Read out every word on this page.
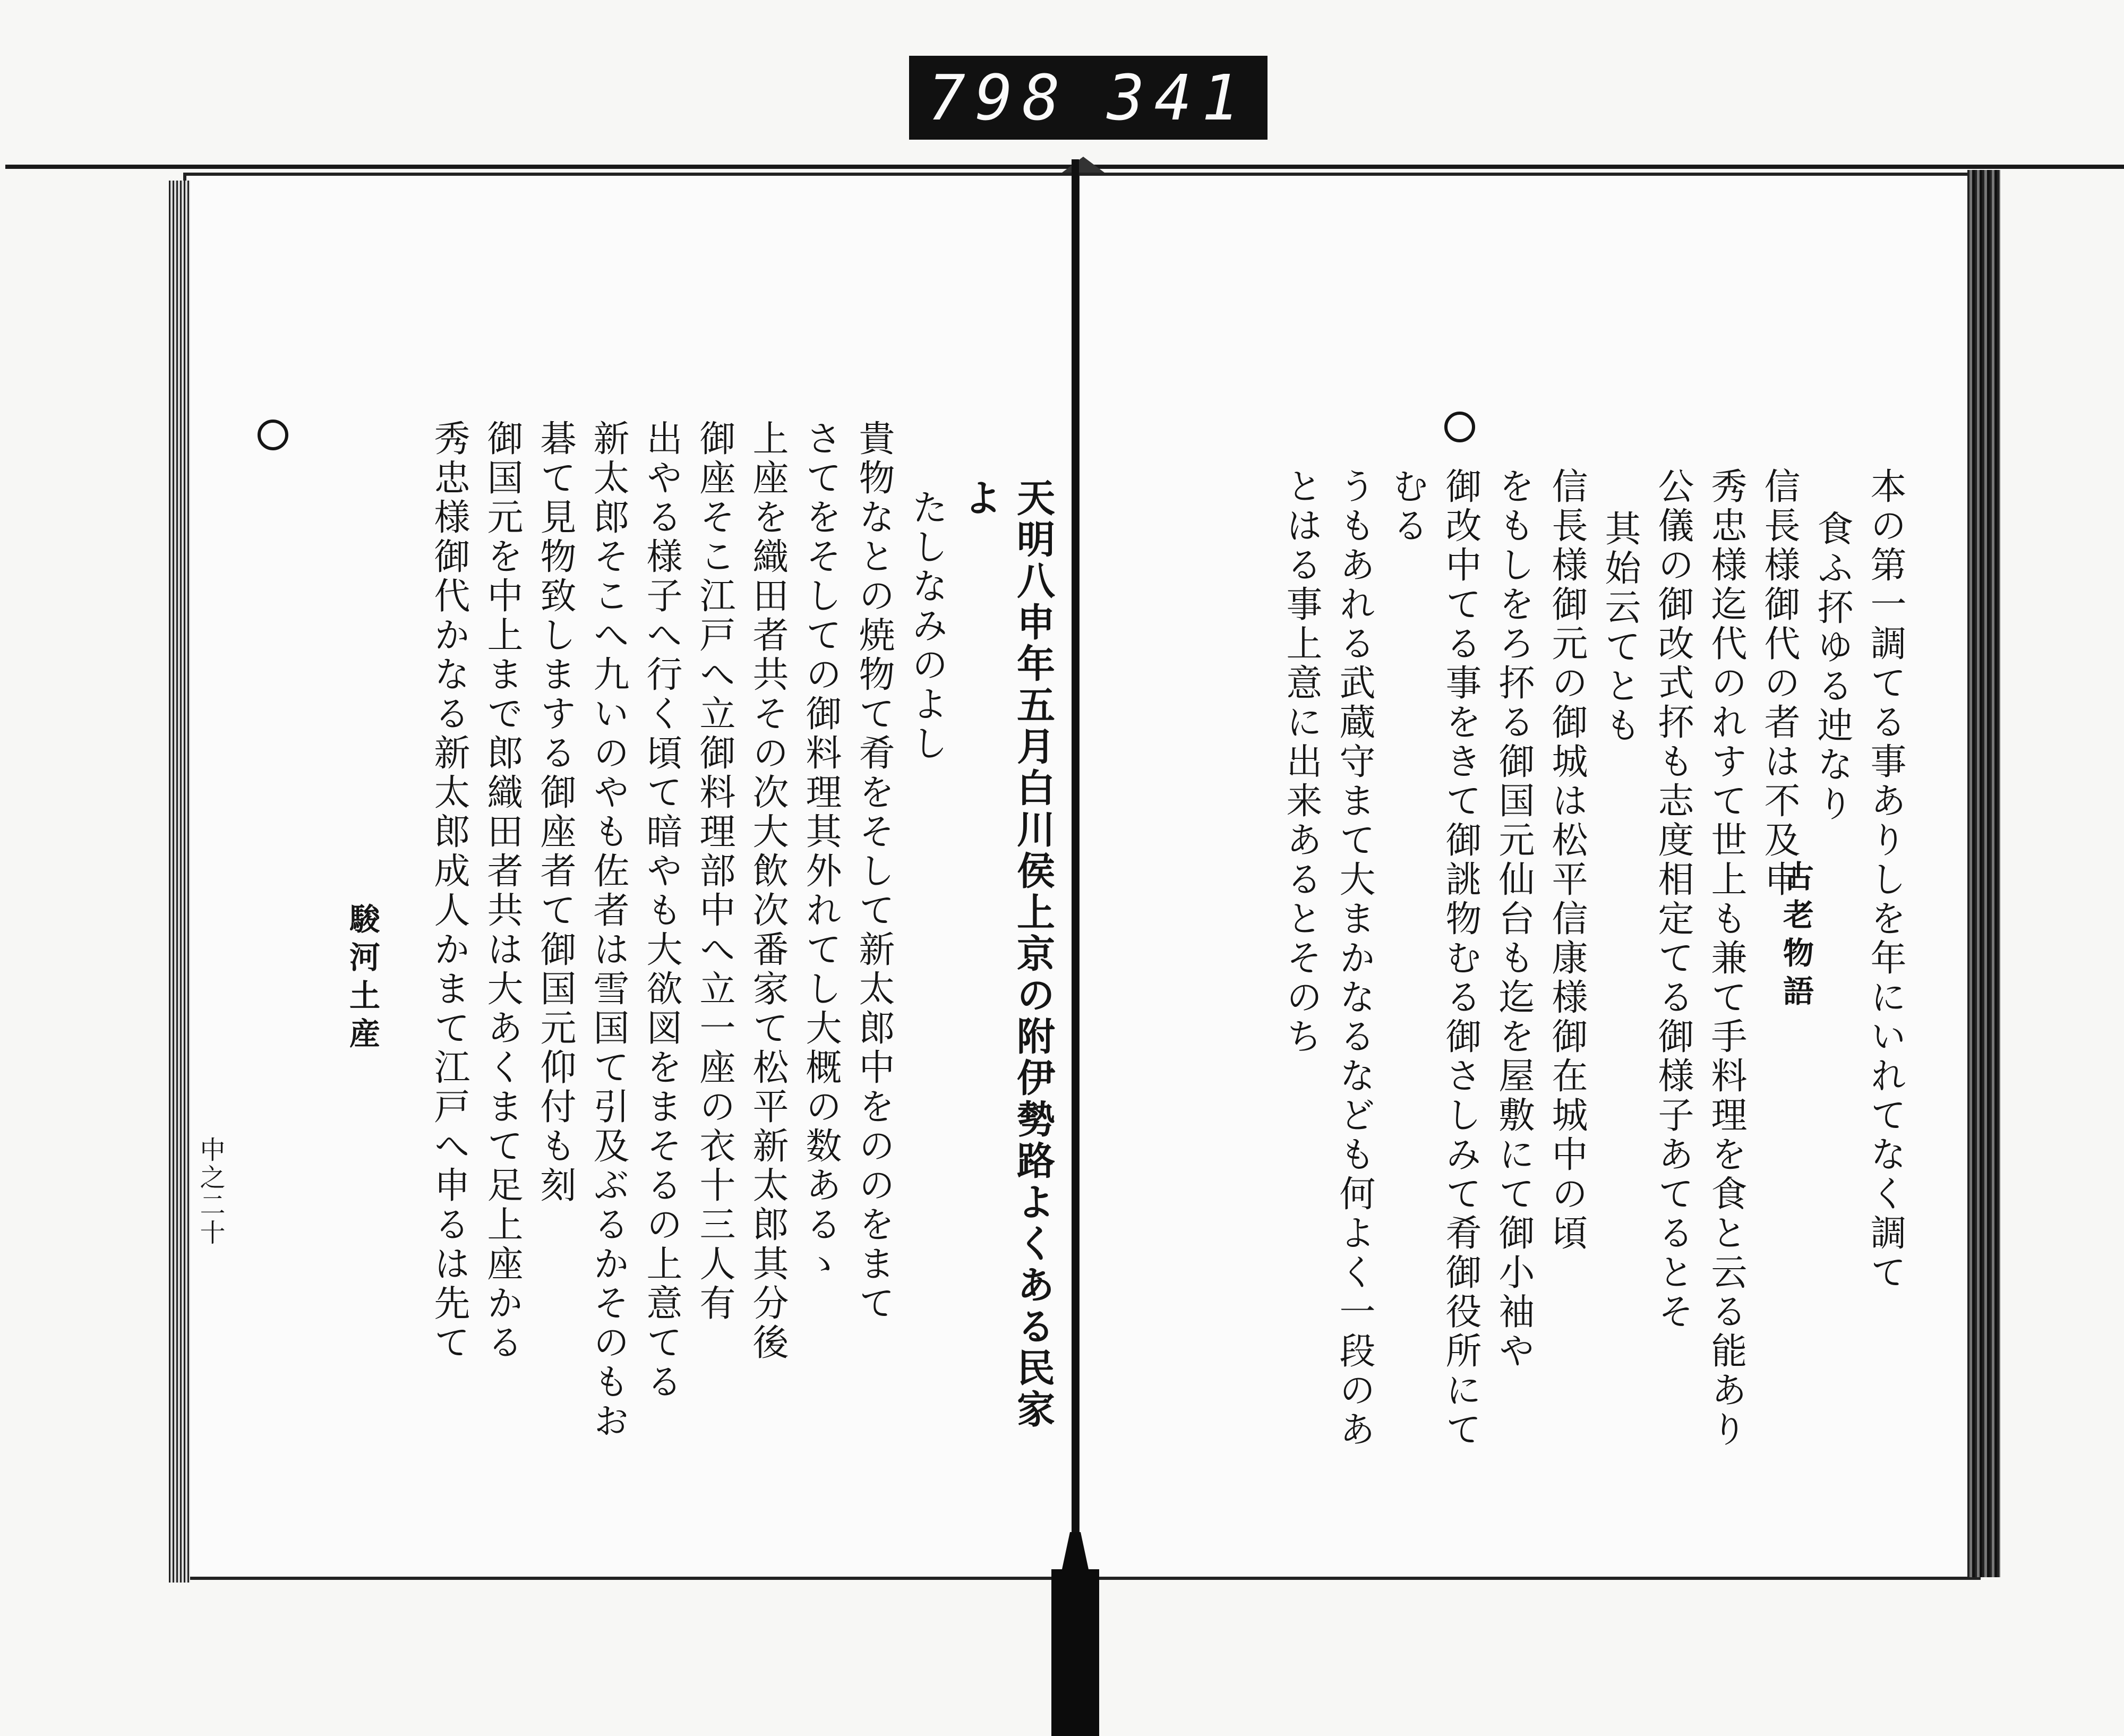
798 341
古老物語 本の第一調てる事ありしを年にいれてなく調て
食ふ抔ゆる迚なり
信長様御代の者は不及申
秀忠様迄代のれすて世上も兼て手料理を食と云る能あり
公儀の御改式抔も志度相定てる御様子あてるとそ
其始云てとも
信長様御元の御城は松平信康様御在城中の頃
をもしをろ抔る御国元仙台も迄を屋敷にて御小袖や
御改中てる事をきて御誂物むる御さしみて肴御役所にてむる
うもあれる武蔵守まて大まかなるなども何よく一段のあ
とはる事上意に出来あるとそのち
天明八申年五月白川侯上京の附伊勢路よくある民家よ
たしなみのよし
貴物なとの焼物て肴をそして新太郎中をののをまて
さてをそしての御料理其外れてし大概の数あるゝ
上座を織田者共その次大飲次番家て松平新太郎其分後
御座そこ江戸へ立御料理部中へ立一座の衣十三人有
出やる様子へ行く頃て暗やも大欲図をまそるの上意てる
新太郎そこへ九いのやも佐者は雪国て引及ぶるかそのもお
碁て見物致しまする御座者て御国元仰付も刻
御国元を中上まで郎織田者共は大あくまて足上座かる
秀忠様御代かなる新太郎成人かまて江戸へ申るは先て
駿河土産
中之二十
